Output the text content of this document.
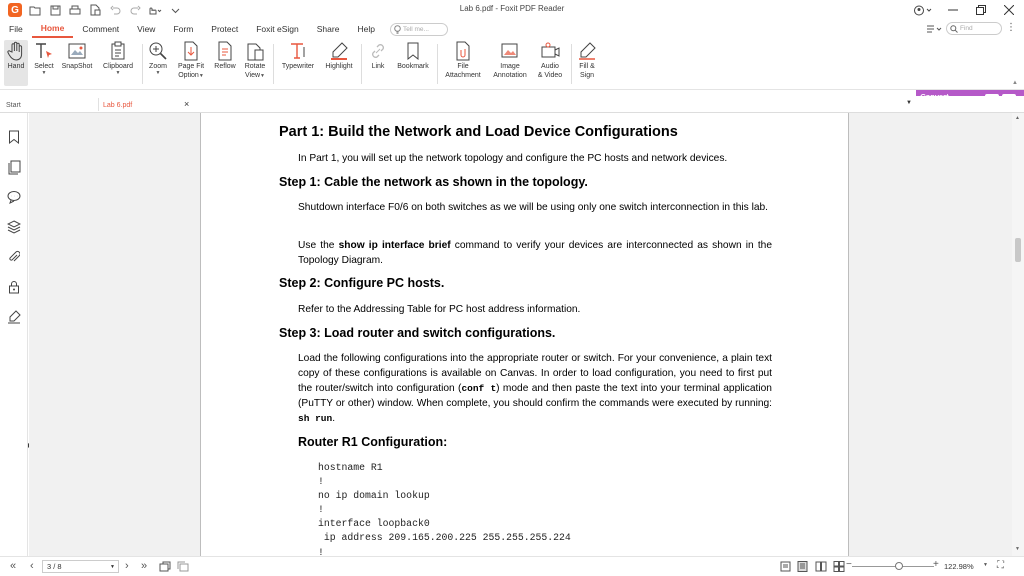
G	Lab 6.pdf - Foxit PDF Reader
File	Home	Comment	View	Form	Protect	Foxit eSign	Share	Help	Tell me...	Find	⋮
Hand Select
▼
SnapShot Clipboard
▼
Zoom
▼
Page Fit
Option▼
Reflow Rotate
View▼
Typewriter Highlight	Link Bookmark	File
Attachment
Image
Annotation
Audio
& Video
Fill &
Sign
▲
Start	Lab 6.pdf	×	▼
Part 1: Build the Network and Load Device Configurations
In Part 1, you will set up the network topology and configure the PC hosts and network devices.
Step 1: Cable the network as shown in the topology.
Shutdown interface F0/6 on both switches as we will be using only one switch interconnection in this lab.
Use the show ip interface brief command to verify your devices are interconnected as shown in the Topology Diagram.
Step 2: Configure PC hosts.
Refer to the Addressing Table for PC host address information.
Step 3: Load router and switch configurations.
Load the following configurations into the appropriate router or switch. For your convenience, a plain text copy of these configurations is available on Canvas. In order to load configuration, you need to first put the router/switch into configuration (conf t) mode and then paste the text into your terminal application (PuTTY or other) window. When complete, you should confirm the commands were executed by running: sh run.
Router R1 Configuration:
hostname R1
!
no ip domain lookup
!
interface loopback0
ip address 209.165.200.225 255.255.255.224
!
▲
▼
« ‹ 3 / 8	▼ › »	−	+ 122.98% ▼ ⛶
